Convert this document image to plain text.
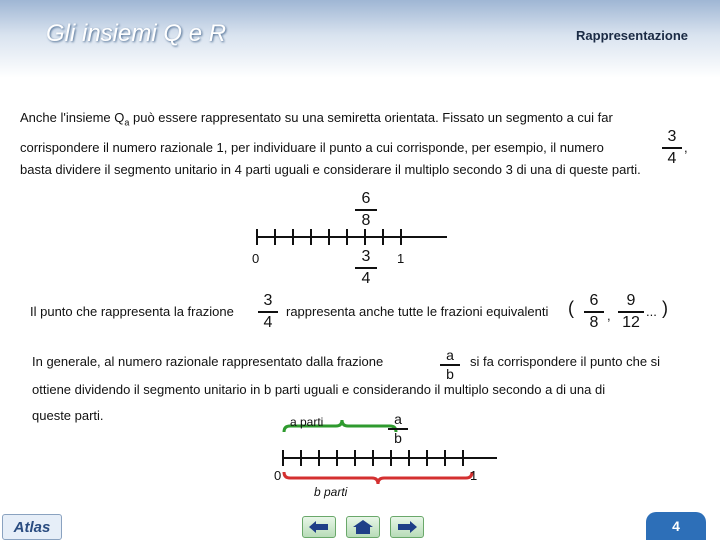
Gli insiemi Q e R	Rappresentazione
Anche l'insieme $Q_a$ può essere rappresentato su una semiretta orientata. Fissato un segmento a cui far
corrispondere il numero razionale 1, per individuare il punto a cui corrisponde, per esempio, il numero
3
4
,
basta dividere il segmento unitario in 4 parti uguali e considerare il multiplo secondo 3 di una di queste parti.
0	1
6
8
3
4
Il punto che rappresenta la frazione
3
4
rappresenta anche tutte le frazioni equivalenti ( 6
8 ,
9
12
... )
In generale, al numero razionale rappresentato dalla frazione	a
b
si fa corrispondere il punto che si
ottiene dividendo il segmento unitario in b parti uguali e considerando il multiplo secondo a di una di
queste parti.	a parti	a
b
0	1
b parti
Atlas	4
